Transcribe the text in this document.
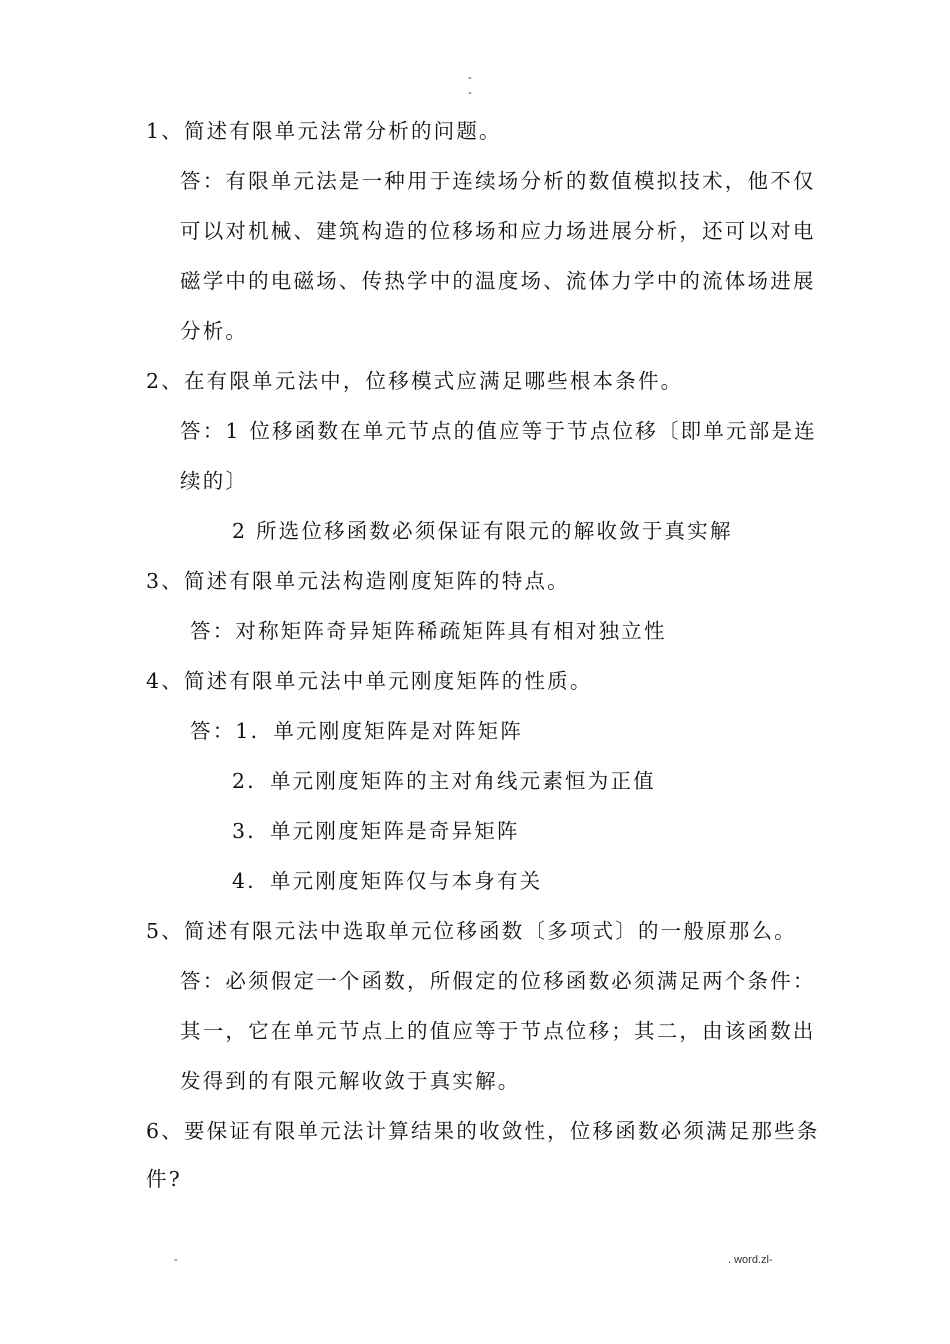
-
-
1、简述有限单元法常分析的问题。
答：有限单元法是一种用于连续场分析的数值模拟技术，他不仅
可以对机械、建筑构造的位移场和应力场进展分析，还可以对电
磁学中的电磁场、传热学中的温度场、流体力学中的流体场进展
分析。
2、在有限单元法中，位移模式应满足哪些根本条件。
答：1 位移函数在单元节点的值应等于节点位移〔即单元部是连
续的〕
2 所选位移函数必须保证有限元的解收敛于真实解
3、简述有限单元法构造刚度矩阵的特点。
答：对称矩阵奇异矩阵稀疏矩阵具有相对独立性
4、简述有限单元法中单元刚度矩阵的性质。
答：1．单元刚度矩阵是对阵矩阵
2．单元刚度矩阵的主对角线元素恒为正值
3．单元刚度矩阵是奇异矩阵
4．单元刚度矩阵仅与本身有关
5、简述有限元法中选取单元位移函数〔多项式〕的一般原那么。
答：必须假定一个函数，所假定的位移函数必须满足两个条件：
其一，它在单元节点上的值应等于节点位移；其二，由该函数出
发得到的有限元解收敛于真实解。
6、要保证有限单元法计算结果的收敛性，位移函数必须满足那些条
件?
-	. word.zl-
